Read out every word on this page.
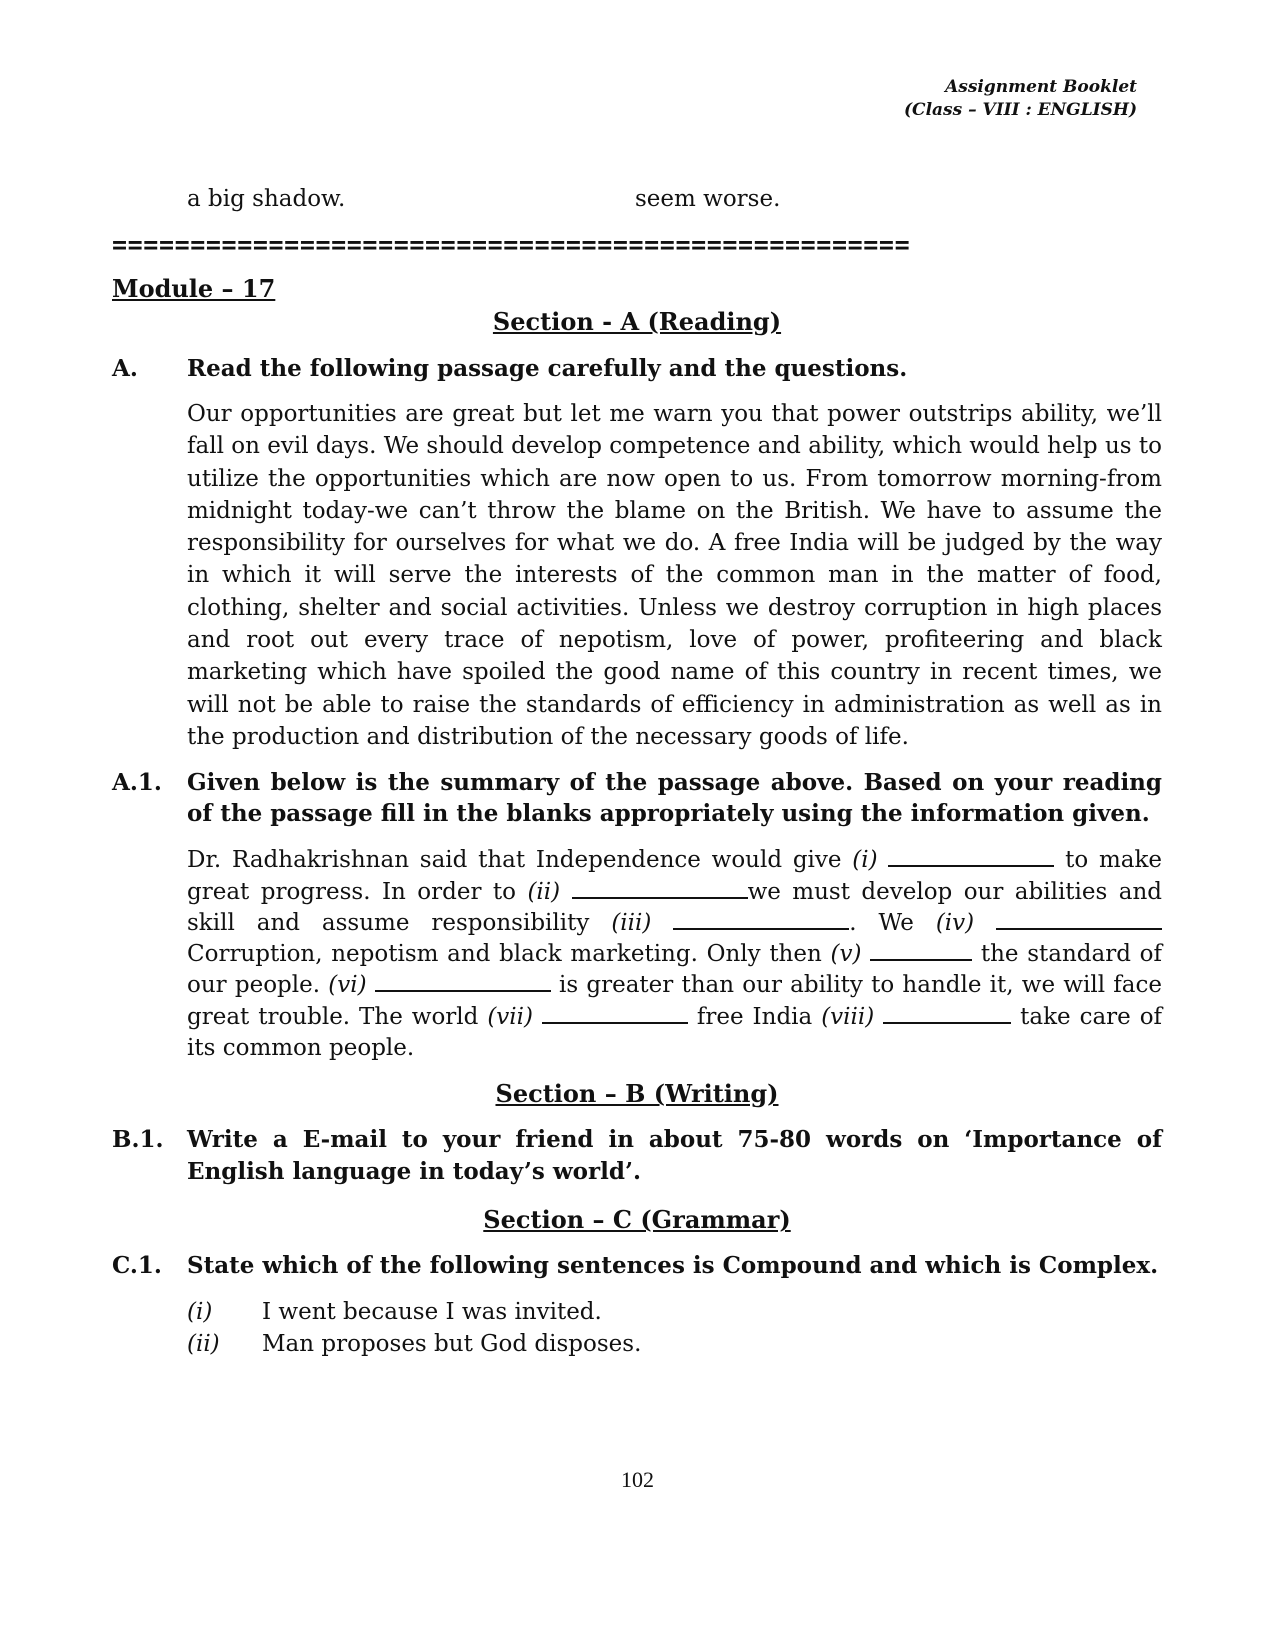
Assignment Booklet
(Class – VIII : ENGLISH)
a big shadow.	seem worse.
===================================================
Module – 17
Section - A (Reading)
A.	Read the following passage carefully and the questions.
Our opportunities are great but let me warn you that power outstrips ability, we’ll fall on evil days. We should develop competence and ability, which would help us to utilize the opportunities which are now open to us. From tomorrow morning-from midnight today-we can’t throw the blame on the British. We have to assume the responsibility for ourselves for what we do. A free India will be judged by the way in which it will serve the interests of the common man in the matter of food, clothing, shelter and social activities. Unless we destroy corruption in high places and root out every trace of nepotism, love of power, profiteering and black marketing which have spoiled the good name of this country in recent times, we will not be able to raise the standards of efficiency in administration as well as in the production and distribution of the necessary goods of life.
A.1.	Given below is the summary of the passage above. Based on your reading of the passage fill in the blanks appropriately using the information given.
Dr. Radhakrishnan said that Independence would give (i)	to make great progress. In order to (ii)	we must develop our abilities and skill and assume responsibility (iii)	. We (iv) Corruption, nepotism and black marketing. Only then (v)	the standard of our people. (vi)	is greater than our ability to handle it, we will face great trouble. The world (vii)	free India (viii)	take care of its common people.
Section – B (Writing)
B.1.	Write a E-mail to your friend in about 75-80 words on ‘Importance of English language in today’s world’.
Section – C (Grammar)
C.1.	State which of the following sentences is Compound and which is Complex.
(i)	I went because I was invited.
(ii)	Man proposes but God disposes.
102
